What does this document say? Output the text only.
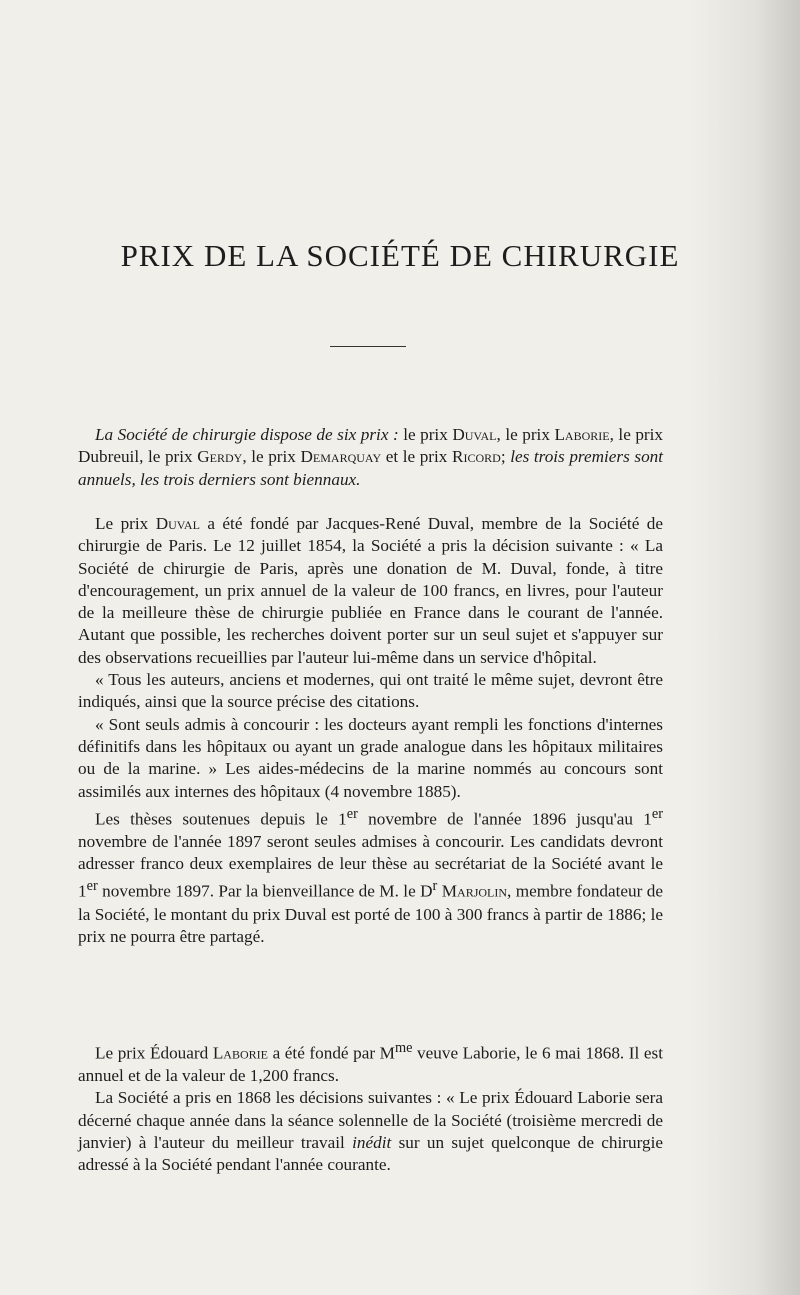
PRIX DE LA SOCIÉTÉ DE CHIRURGIE

La Société de chirurgie dispose de six prix : le prix Duval, le prix Laborie, le prix Dubreuil, le prix Gerdy, le prix Demarquay et le prix Ricord; les trois premiers sont annuels, les trois derniers sont biennaux.

Le prix Duval a été fondé par Jacques-René Duval, membre de la Société de chirurgie de Paris. Le 12 juillet 1854, la Société a pris la décision suivante : « La Société de chirurgie de Paris, après une donation de M. Duval, fonde, à titre d'encouragement, un prix annuel de la valeur de 100 francs, en livres, pour l'auteur de la meilleure thèse de chirurgie publiée en France dans le courant de l'année. Autant que possible, les recherches doivent porter sur un seul sujet et s'appuyer sur des observations recueillies par l'auteur lui-même dans un service d'hôpital.

« Tous les auteurs, anciens et modernes, qui ont traité le même sujet, devront être indiqués, ainsi que la source précise des citations.

« Sont seuls admis à concourir : les docteurs ayant rempli les fonctions d'internes définitifs dans les hôpitaux ou ayant un grade analogue dans les hôpitaux militaires ou de la marine. » Les aides-médecins de la marine nommés au concours sont assimilés aux internes des hôpitaux (4 novembre 1885).

Les thèses soutenues depuis le 1er novembre de l'année 1896 jusqu'au 1er novembre de l'année 1897 seront seules admises à concourir. Les candidats devront adresser franco deux exemplaires de leur thèse au secrétariat de la Société avant le 1er novembre 1897. Par la bienveillance de M. le $D^r$ Marjolin, membre fondateur de la Société, le montant du prix Duval est porté de 100 à 300 francs à partir de 1886; le prix ne pourra être partagé.

Le prix Édouard Laborie a été fondé par $M^{me}$ veuve Laborie, le 6 mai 1868. Il est annuel et de la valeur de 1,200 francs.

La Société a pris en 1868 les décisions suivantes : « Le prix Édouard Laborie sera décerné chaque année dans la séance solennelle de la Société (troisième mercredi de janvier) à l'auteur du meilleur travail inédit sur un sujet quelconque de chirurgie adressé à la Société pendant l'année courante.
